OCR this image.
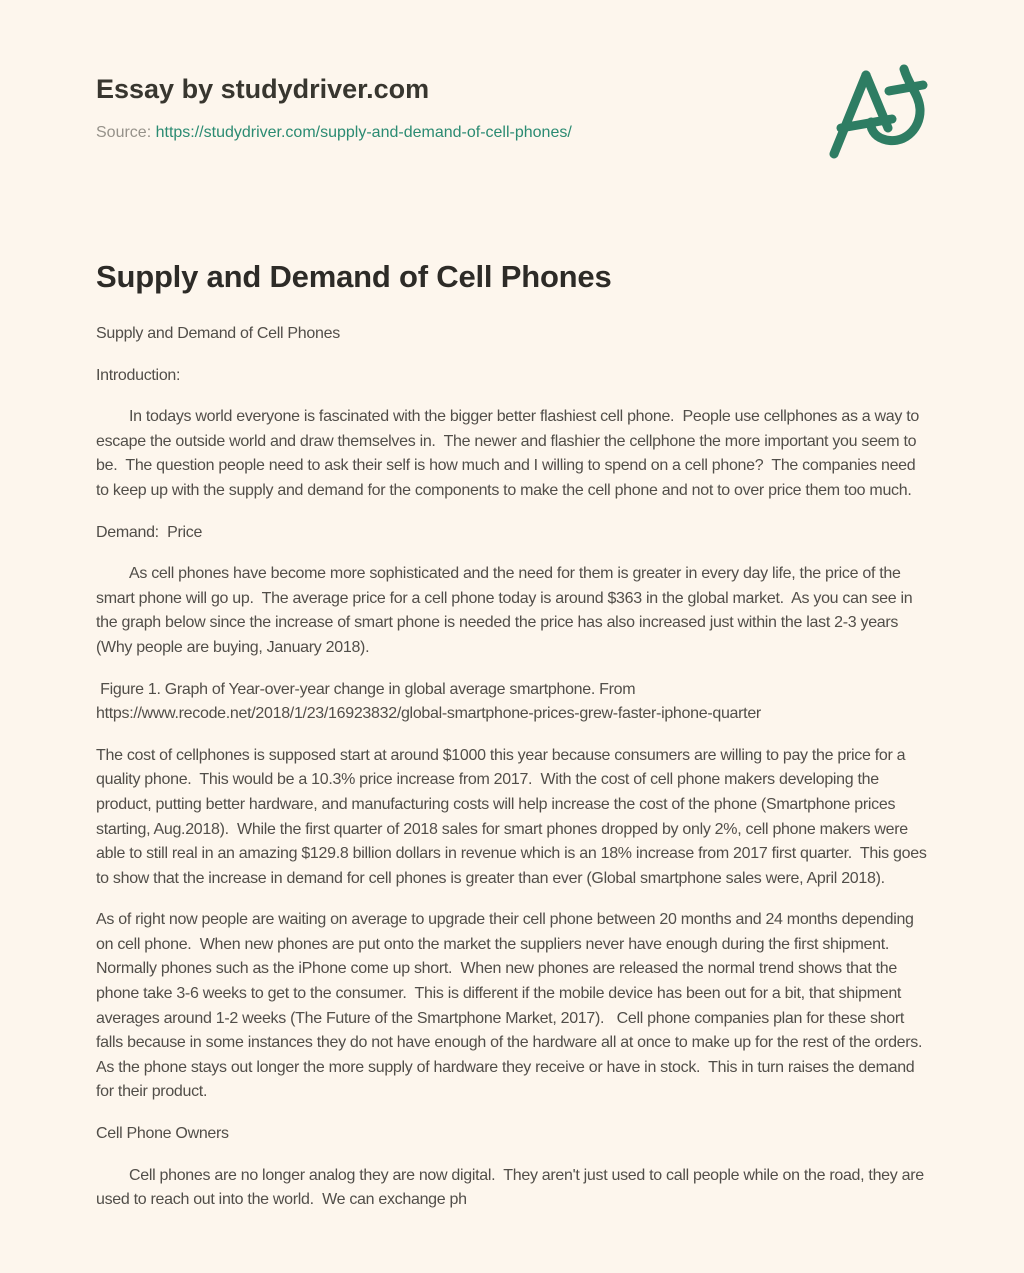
Essay by studydriver.com

Source: https://studydriver.com/supply-and-demand-of-cell-phones/

Supply and Demand of Cell Phones

Supply and Demand of Cell Phones

Introduction:

In todays world everyone is fascinated with the bigger better flashiest cell phone.  People use cellphones as a way to escape the outside world and draw themselves in.  The newer and flashier the cellphone the more important you seem to be.  The question people need to ask their self is how much and I willing to spend on a cell phone?  The companies need to keep up with the supply and demand for the components to make the cell phone and not to over price them too much.

Demand:  Price

As cell phones have become more sophisticated and the need for them is greater in every day life, the price of the smart phone will go up.  The average price for a cell phone today is around $363 in the global market.  As you can see in the graph below since the increase of smart phone is needed the price has also increased just within the last 2-3 years (Why people are buying, January 2018).

Figure 1. Graph of Year-over-year change in global average smartphone. From https://www.recode.net/2018/1/23/16923832/global-smartphone-prices-grew-faster-iphone-quarter

The cost of cellphones is supposed start at around $1000 this year because consumers are willing to pay the price for a quality phone.  This would be a 10.3% price increase from 2017.  With the cost of cell phone makers developing the product, putting better hardware, and manufacturing costs will help increase the cost of the phone (Smartphone prices starting, Aug.2018).  While the first quarter of 2018 sales for smart phones dropped by only 2%, cell phone makers were able to still real in an amazing $129.8 billion dollars in revenue which is an 18% increase from 2017 first quarter.  This goes to show that the increase in demand for cell phones is greater than ever (Global smartphone sales were, April 2018).

As of right now people are waiting on average to upgrade their cell phone between 20 months and 24 months depending on cell phone.  When new phones are put onto the market the suppliers never have enough during the first shipment.  Normally phones such as the iPhone come up short.  When new phones are released the normal trend shows that the phone take 3-6 weeks to get to the consumer.  This is different if the mobile device has been out for a bit, that shipment averages around 1-2 weeks (The Future of the Smartphone Market, 2017).   Cell phone companies plan for these short falls because in some instances they do not have enough of the hardware all at once to make up for the rest of the orders.  As the phone stays out longer the more supply of hardware they receive or have in stock.  This in turn raises the demand for their product.

Cell Phone Owners

Cell phones are no longer analog they are now digital.  They aren't just used to call people while on the road, they are used to reach out into the world.  We can exchange ph
